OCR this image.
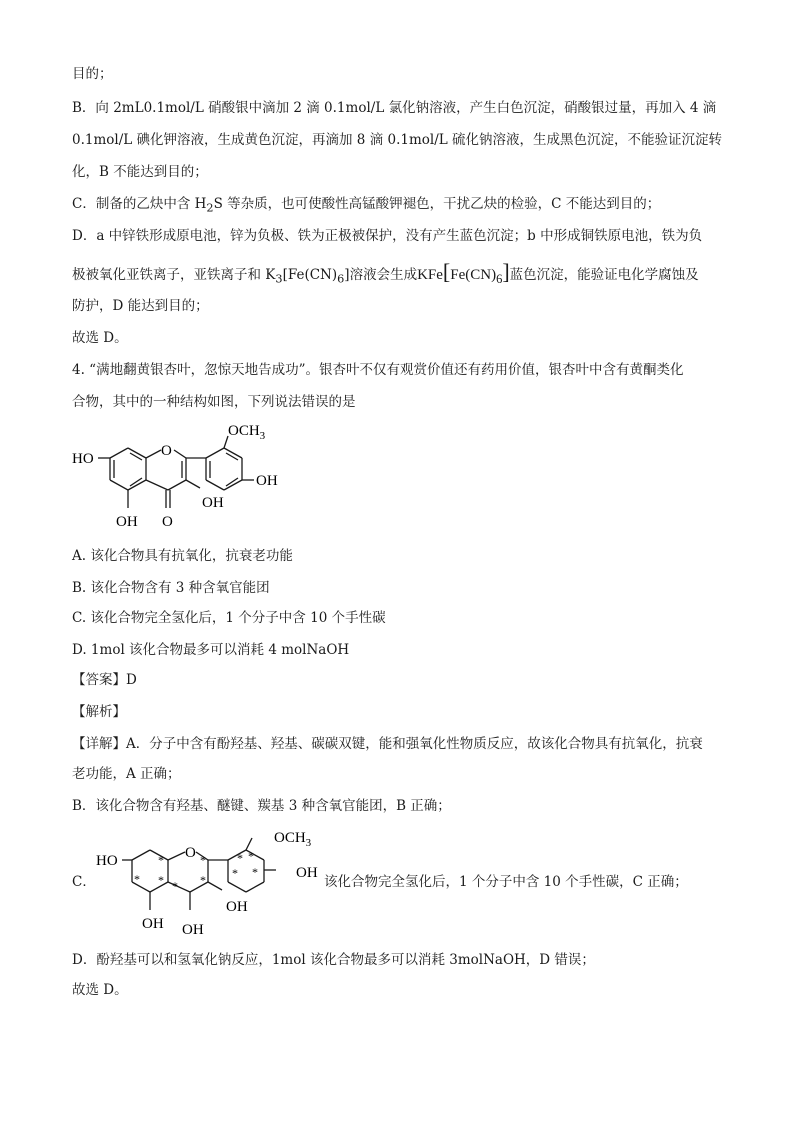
目的；
B．向 2mL0.1mol/L 硝酸银中滴加 2 滴 0.1mol/L 氯化钠溶液，产生白色沉淀，硝酸银过量，再加入 4 滴
0.1mol/L 碘化钾溶液，生成黄色沉淀，再滴加 8 滴 0.1mol/L 硫化钠溶液，生成黑色沉淀，不能验证沉淀转
化，B 不能达到目的；
C．制备的乙炔中含 $H_2S$ 等杂质，也可使酸性高锰酸钾褪色，干扰乙炔的检验，C 不能达到目的；
D．a 中锌铁形成原电池，锌为负极、铁为正极被保护，没有产生蓝色沉淀；b 中形成铜铁原电池，铁为负
极被氧化亚铁离子，亚铁离子和 $K_3[Fe(CN)_6]$溶液会生成$KFe[Fe(CN)_6]$蓝色沉淀，能验证电化学腐蚀及
防护，D 能达到目的；
故选 D。
4. “满地翻黄银杏叶，忽惊天地告成功”。银杏叶不仅有观赏价值还有药用价值，银杏叶中含有黄酮类化
合物，其中的一种结构如图，下列说法错误的是
HO	O
$OCH_3$
OH
OH
OH O
A. 该化合物具有抗氧化，抗衰老功能
B. 该化合物含有 3 种含氧官能团
C. 该化合物完全氢化后，1 个分子中含 10 个手性碳
D. 1mol 该化合物最多可以消耗 4 molNaOH
【答案】D
【解析】
【详解】A．分子中含有酚羟基、羟基、碳碳双键，能和强氧化性物质反应，故该化合物具有抗氧化，抗衰
老功能，A 正确；
B．该化合物含有羟基、醚键、羰基 3 种含氧官能团，B 正确；
C．
HO	O
$OCH_3$
OH
OH
OH OH
*
*
* *
*
* *
*
*
*
该化合物完全氢化后，1 个分子中含 10 个手性碳，C 正确；
D．酚羟基可以和氢氧化钠反应，1mol 该化合物最多可以消耗 3molNaOH，D 错误；
故选 D。
